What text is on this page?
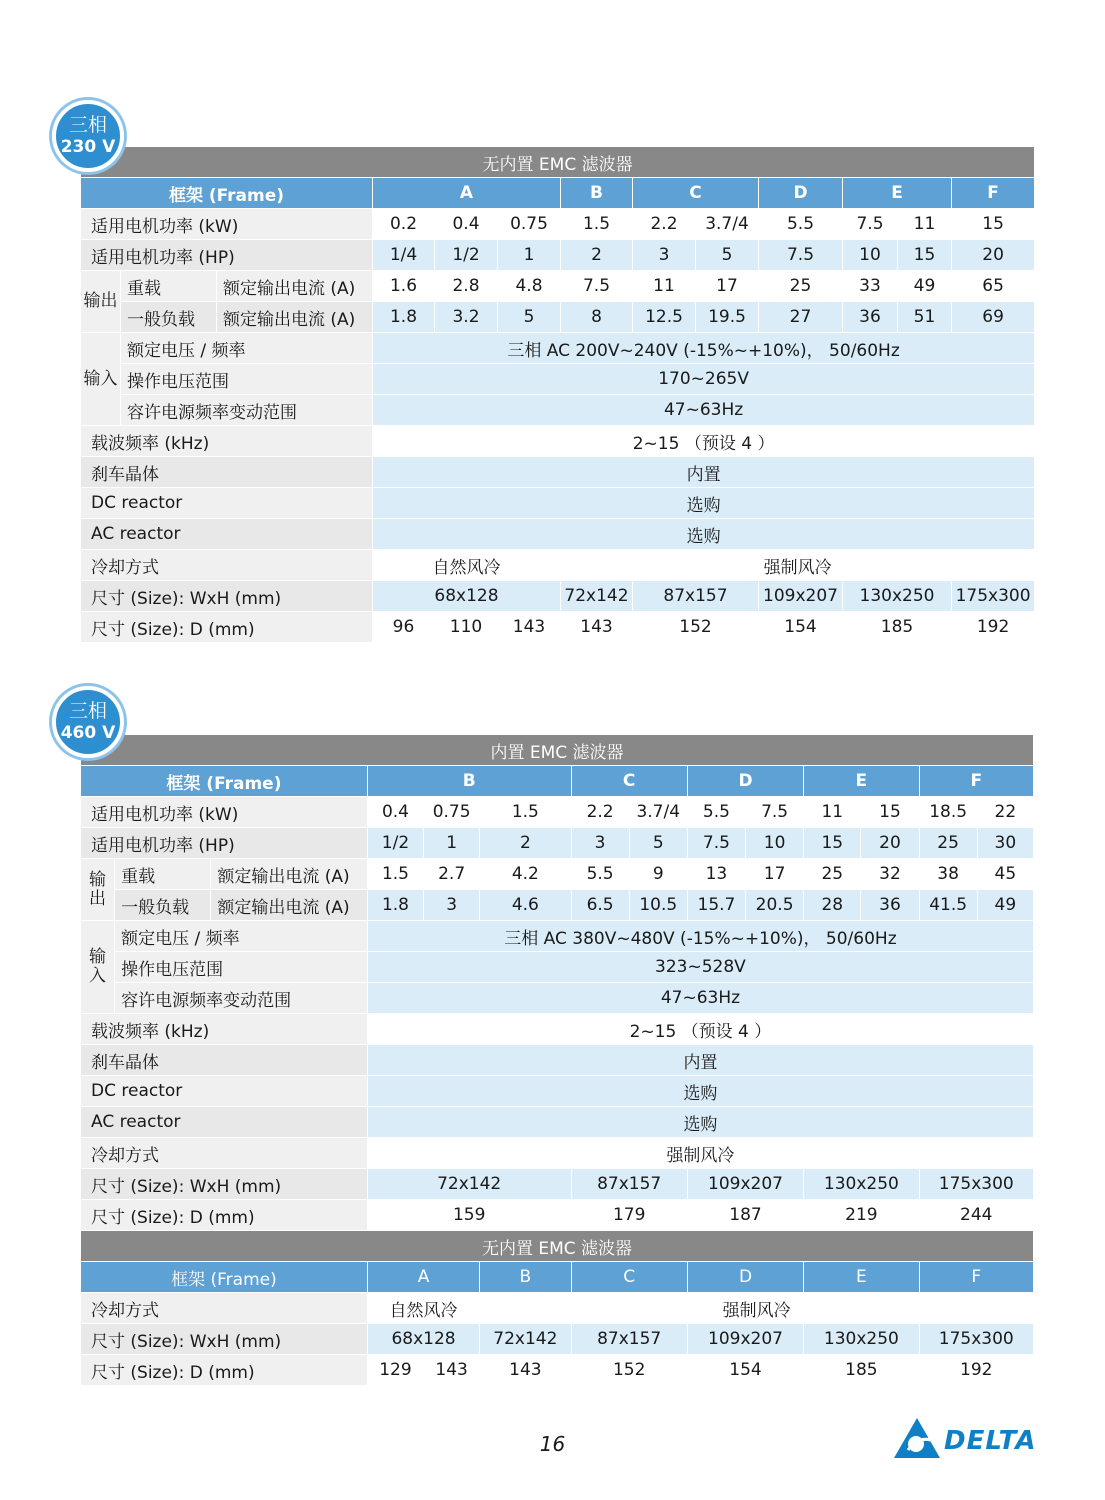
三相
230 V
无内置 EMC 滤波器												
框架 (Frame)			A			B	C		D	E		F
适用电机功率 (kW)			0.2	0.4	0.75	1.5	2.2	3.7/4	5.5	7.5	11	15
适用电机功率 (HP)			1/4	1/2	1	2	3	5	7.5	10	15	20
输出	重载	额定输出电流 (A)	1.6	2.8	4.8	7.5	11	17	25	33	49	65
	一般负载	额定输出电流 (A)	1.8	3.2	5	8	12.5	19.5	27	36	51	69
输入	额定电压 / 频率		三相 AC 200V~240V (-15%~+10%)， 50/60Hz									
	操作电压范围		170~265V									
	容许电源频率变动范围		47~63Hz									
载波频率 (kHz)			2~15 （预设 4 ）									
刹车晶体			内置									
DC reactor			选购									
AC reactor			选购									
冷却方式			自然风冷			强制风冷						
尺寸 (Size): WxH (mm)			68x128			72x142	87x157		109x207	130x250		175x300
尺寸 (Size): D (mm)			96	110	143	143	152		154	185		192
三相
460 V
内置 EMC 滤波器													
框架 (Frame)			B			C		D		E		F	
适用电机功率 (kW)			0.4	0.75	1.5	2.2	3.7/4	5.5	7.5	11	15	18.5	22
适用电机功率 (HP)			1/2	1	2	3	5	7.5	10	15	20	25	30
输出	重载	额定输出电流 (A)	1.5	2.7	4.2	5.5	9	13	17	25	32	38	45
	一般负载	额定输出电流 (A)	1.8	3	4.6	6.5	10.5	15.7	20.5	28	36	41.5	49
输入	额定电压 / 频率		三相 AC 380V~480V (-15%~+10%)， 50/60Hz										
	操作电压范围		323~528V										
	容许电源频率变动范围		47~63Hz										
载波频率 (kHz)			2~15 （预设 4 ）										
刹车晶体			内置										
DC reactor			选购										
AC reactor			选购										
冷却方式			强制风冷										
尺寸 (Size): WxH (mm)			72x142			87x157		109x207		130x250		175x300	
尺寸 (Size): D (mm)			159			179		187		219		244	
无内置 EMC 滤波器													
框架 (Frame)			A		B	C		D		E		F	
冷却方式			自然风冷		强制风冷								
尺寸 (Size): WxH (mm)			68x128		72x142	87x157		109x207		130x250		175x300	
尺寸 (Size): D (mm)			129	143	143	152		154		185		192	
16	DELTA
